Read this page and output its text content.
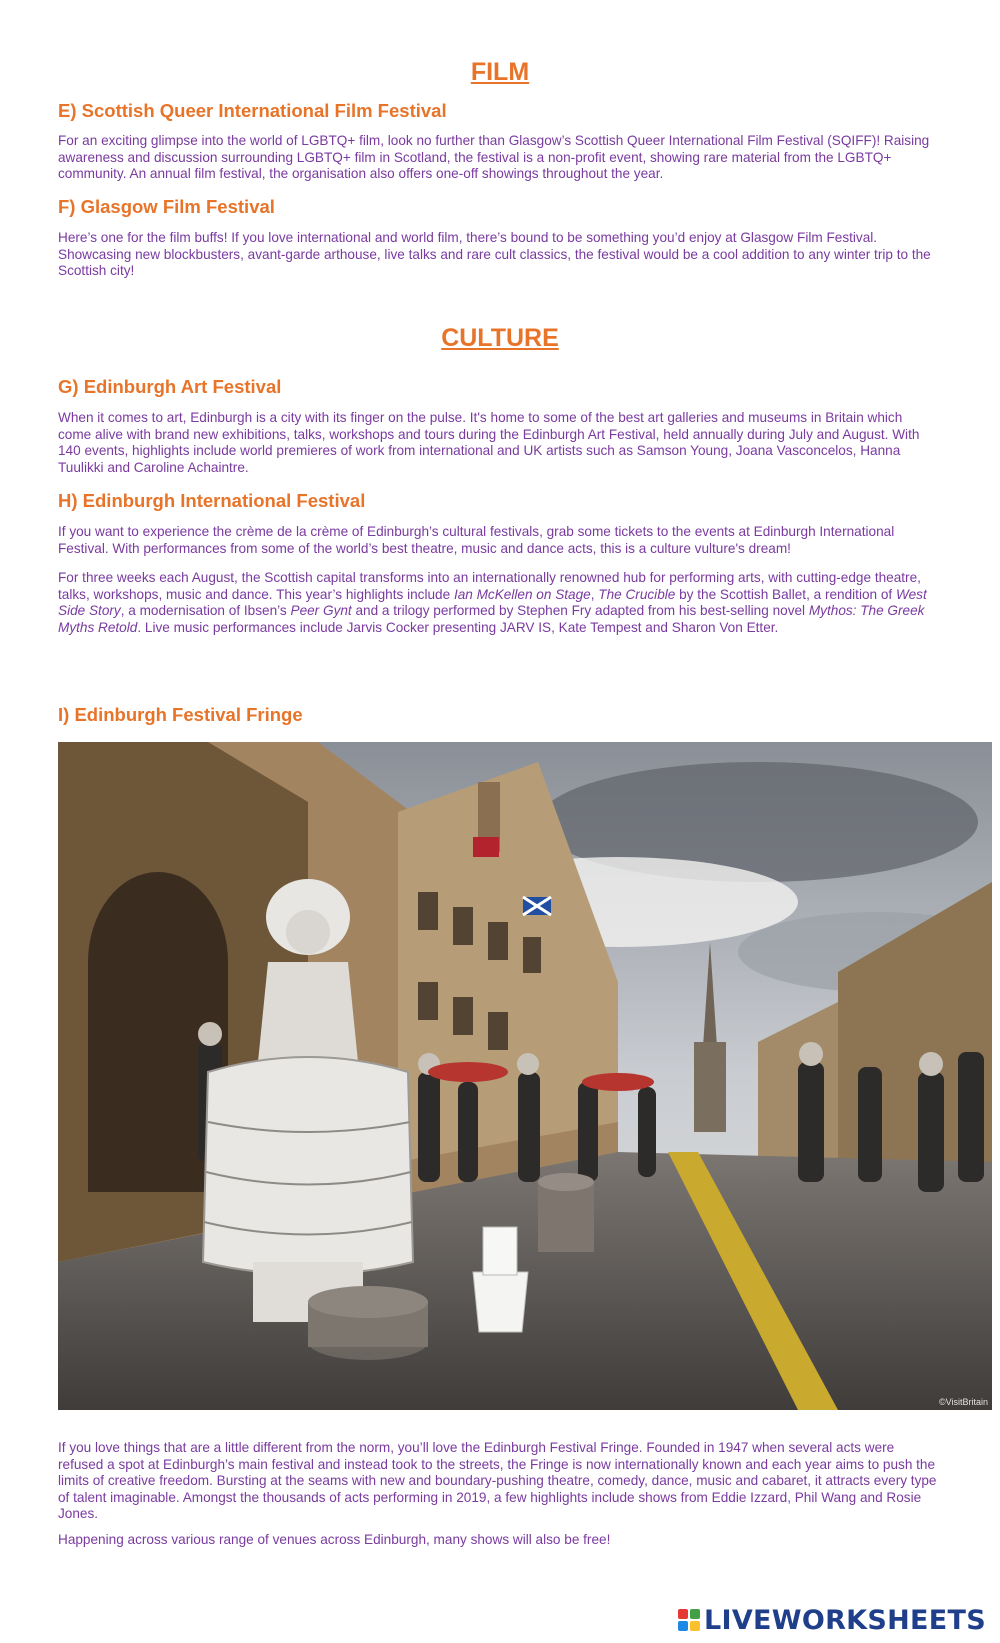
FILM
E) Scottish Queer International Film Festival

For an exciting glimpse into the world of LGBTQ+ film, look no further than Glasgow’s Scottish Queer International Film Festival (SQIFF)! Raising awareness and discussion surrounding LGBTQ+ film in Scotland, the festival is a non-profit event, showing rare material from the LGBTQ+ community. An annual film festival, the organisation also offers one-off showings throughout the year.

F) Glasgow Film Festival

Here’s one for the film buffs! If you love international and world film, there’s bound to be something you’d enjoy at Glasgow Film Festival. Showcasing new blockbusters, avant-garde arthouse, live talks and rare cult classics, the festival would be a cool addition to any winter trip to the Scottish city!

CULTURE
G) Edinburgh Art Festival

When it comes to art, Edinburgh is a city with its finger on the pulse. It's home to some of the best art galleries and museums in Britain which come alive with brand new exhibitions, talks, workshops and tours during the Edinburgh Art Festival, held annually during July and August. With 140 events, highlights include world premieres of work from international and UK artists such as Samson Young, Joana Vasconcelos, Hanna Tuulikki and Caroline Achaintre.

H) Edinburgh International Festival

If you want to experience the crème de la crème of Edinburgh’s cultural festivals, grab some tickets to the events at Edinburgh International Festival. With performances from some of the world’s best theatre, music and dance acts, this is a culture vulture's dream!

For three weeks each August, the Scottish capital transforms into an internationally renowned hub for performing arts, with cutting-edge theatre, talks, workshops, music and dance. This year’s highlights include Ian McKellen on Stage, The Crucible by the Scottish Ballet, a rendition of West Side Story, a modernisation of Ibsen’s Peer Gynt and a trilogy performed by Stephen Fry adapted from his best-selling novel Mythos: The Greek Myths Retold. Live music performances include Jarvis Cocker presenting JARV IS, Kate Tempest and Sharon Von Etter.

I) Edinburgh Festival Fringe
©VisitBritain

If you love things that are a little different from the norm, you’ll love the Edinburgh Festival Fringe. Founded in 1947 when several acts were refused a spot at Edinburgh’s main festival and instead took to the streets, the Fringe is now internationally known and each year aims to push the limits of creative freedom. Bursting at the seams with new and boundary-pushing theatre, comedy, dance, music and cabaret, it attracts every type of talent imaginable. Amongst the thousands of acts performing in 2019, a few highlights include shows from Eddie Izzard, Phil Wang and Rosie Jones.

Happening across various range of venues across Edinburgh, many shows will also be free!

LIVEWORKSHEETS
